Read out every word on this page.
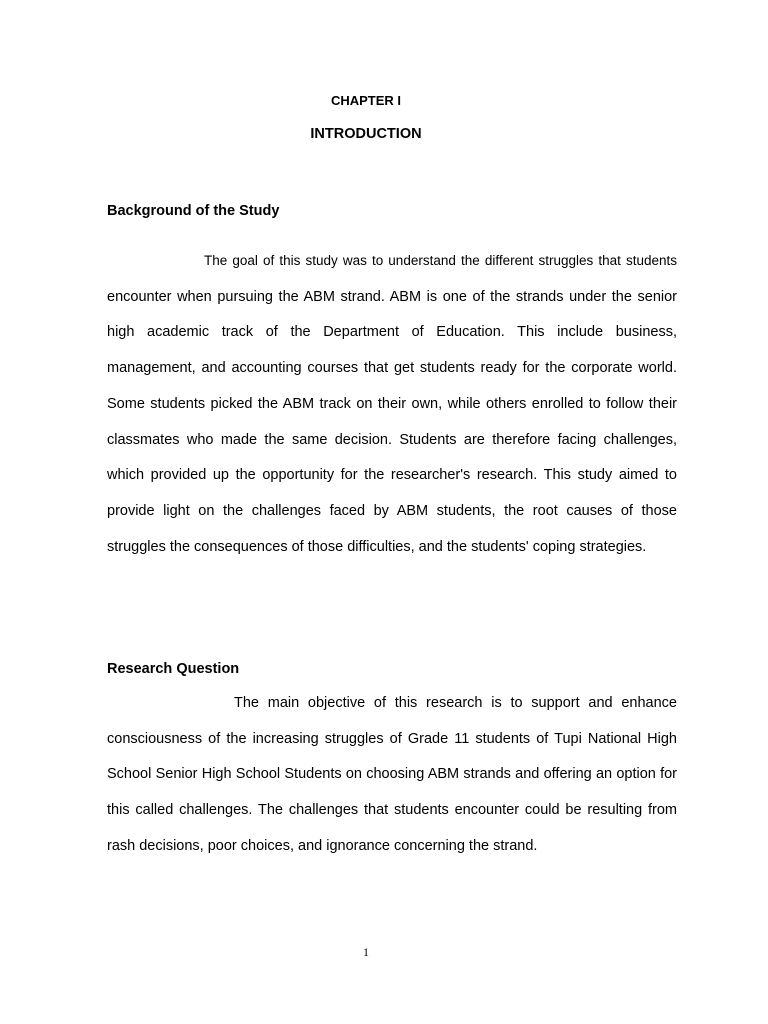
CHAPTER I
INTRODUCTION
Background of the Study

The goal of this study was to understand the different struggles that students encounter when pursuing the ABM strand. ABM is one of the strands under the senior high academic track of the Department of Education. This include business, management, and accounting courses that get students ready for the corporate world. Some students picked the ABM track on their own, while others enrolled to follow their classmates who made the same decision. Students are therefore facing challenges, which provided up the opportunity for the researcher's research. This study aimed to provide light on the challenges faced by ABM students, the root causes of those struggles the consequences of those difficulties, and the students' coping strategies.

Research Question

The main objective of this research is to support and enhance consciousness of the increasing struggles of Grade 11 students of Tupi National High School Senior High School Students on choosing ABM strands and offering an option for this called challenges. The challenges that students encounter could be resulting from rash decisions, poor choices, and ignorance concerning the strand.

1
